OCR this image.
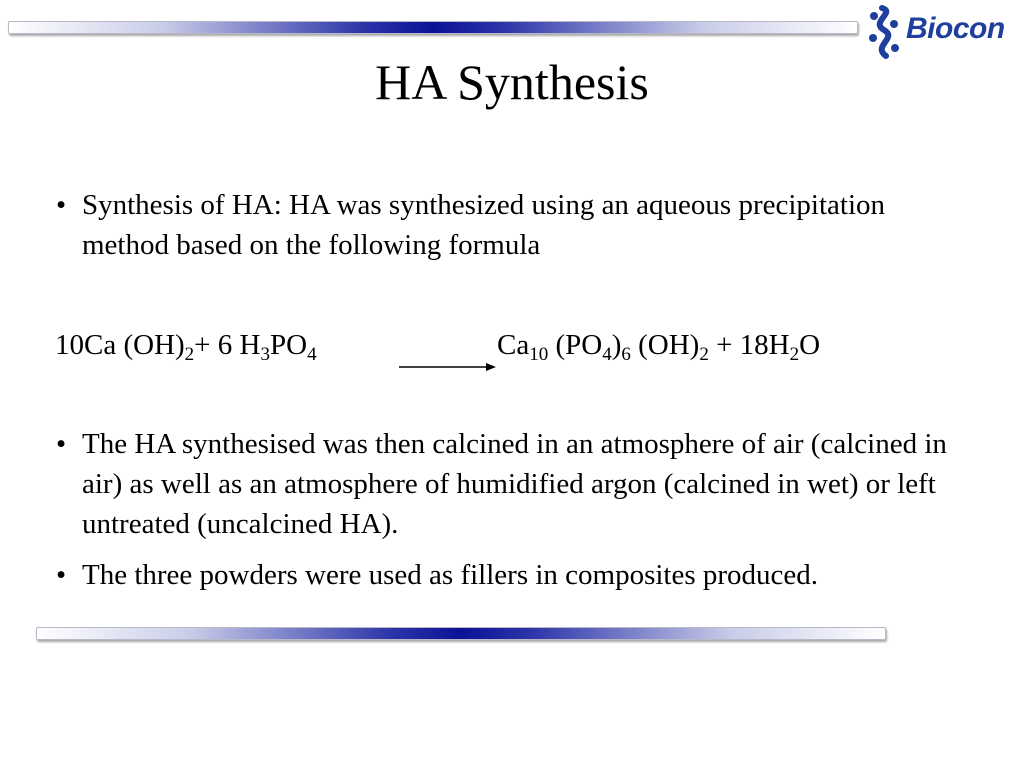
Biocon
HA Synthesis
• Synthesis of HA: HA was synthesized using an aqueous precipitation method based on the following formula
10Ca $(OH)_2+ 6$ $H_3PO_4$	$Ca_{10}$ $(PO_4)_6$ $(OH)_2 + 18H_2O$
• The HA synthesised was then calcined in an atmosphere of air (calcined in air) as well as an atmosphere of humidified argon (calcined in wet) or left untreated (uncalcined HA).
• The three powders were used as fillers in composites produced.
